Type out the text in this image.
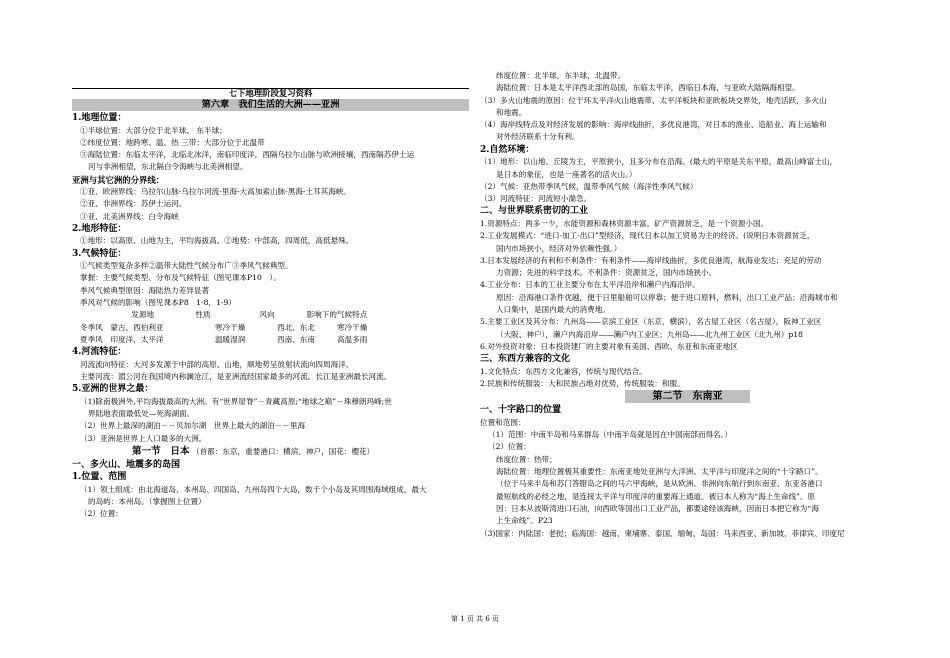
七下地理阶段复习资料
第六章　我们生活的大洲——亚洲
1.地理位置：

①半球位置：大部分位于北半球、 东半球；

②纬度位置：地跨寒、温、热 三带；大部分位于北温带

③海陆位置：东临太平洋，北临北冰洋，南临印度洋，西隔乌拉尔山脉与欧洲接壤，西南隔苏伊士运

河与非洲相望，东北隔白令海峡与北美洲相望。

亚洲与其它洲的分界线：

①亚、欧洲界线：乌拉尔山脉-乌拉尔河流-里海-大高加索山脉-黑海-土耳其海峡。

②亚、非洲界线：苏伊士运河。

③亚、北美洲界线：白令海峡

2.地形特征：

①地形：以高原、山地为主，平均海拔高。②地势：中部高，四周低，高低悬殊。

3.气候特征：

①气候类型复杂多样②温带大陆性气候分布广③季风气候典型。

掌握：主要气候类型、分布及气候特征（图见课本P10　）。

季风气候典型原因：海陆热力差异显著

季风对气候的影响（图见课本P8　1-8，1-9）

发源地	性质	风向	影响下的气候特点
冬季风　蒙古、西伯利亚	寒冷干燥	西北、东北	寒冷干燥
夏季风　印度洋、太平洋	温暖湿润	西南、东南	高温多雨
4.河流特征：

河流流向特征：大河多发源于中部的高原、山地，顺地势呈放射状流向四周海洋。

主要河流：湄公河在我国境内称澜沧江，是亚洲流经国家最多的河流。长江是亚洲最长河流。

5.亚洲的世界之最：

（1)除南极洲外,平均海拔最高的大洲。有“世界屋脊”－青藏高原;“地球之巅”－珠穆朗玛峰;世

界陆地表面最低处—死海湖面。

（2）世界上最深的湖泊－－贝加尔湖　世界上最大的湖泊－－里海

（3）亚洲是世界上人口最多的大洲。

第一节　日本 （首都：东京，重要港口：横滨、神户，国花：樱花）
一、多火山、地震多的岛国
1.位置、范围

（1）领土组成：由北海道岛、本州岛、四国岛、九州岛四个大岛，数千个小岛及其周围海域组成，最大

的岛屿：本州岛。（掌握图上位置）

（2）位置：

纬度位置：北半球，东半球，北温带。

海陆位置：日本是太平洋西北部的岛国，东临太平洋，西临日本海，与亚欧大陆隔海相望。

（3）多火山地震的原因：位于环太平洋火山地震带、太平洋板块和亚欧板块交界处，地壳活跃，多火山

和地震。

（4）海岸线特点及对经济发展的影响：海岸线曲折，多优良港湾，对日本的渔业、造船业、海上运输和

对外经济联系十分有利。

2.自然环境：

（1）地形：以山地、丘陵为主，平原狭小，且多分布在沿海。(最大的平原是关东平原，最高山峰富士山，

是日本的象征，也是一座著名的活火山。）

（2）气候：亚热带季风气候，温带季风气候（海洋性季风气候）

（3）河流特征：河流短小湍急。

二、与世界联系密切的工业

1.资源特点：两多一少，水能资源和森林资源丰富，矿产资源贫乏，是一个资源小国。

2.工业发展模式：“进口-加工-出口”型经济，现代日本以加工贸易为主的经济。(说明日本资源贫乏，

国内市场狭小，经济对外依赖性强。）

3.日本发展经济的有利和不利条件：有利条件——海岸线曲折，多优良港湾，航海业发达；充足的劳动

力资源；先进的科学技术。不利条件：资源贫乏，国内市场狭小。

4.工业分布：日本的工业主要分布在太平洋沿岸和濑户内海沿岸。

原因：沿海港口条件优越，便于日里船舶可以停靠；便于进口原料，燃料，出口工业产品；沿海城市和

人口集中，是国内最大的消费地。

5.主要工业区及其分布：九州岛——京滨工业区（东京，横滨），名古屋工业区（名古屋），阪神工业区

（大阪、神户），濑户内海沿岸——濑户内工业区；九州岛——北九州工业区（北九州）p18

6.对外投资对象：日本投资建厂的主要对象有美国、西欧、东亚和东南亚地区

三、东西方兼容的文化

1.文化特点：东西方文化兼容，传统与现代结合。

2.民族和传统服装：大和民族占绝对优势，传统服装：和服。

第二节　东南亚
一、十字路口的位置

位置和范围：

（1）范围：中南半岛和马来群岛（中南半岛就是因在中国南部而得名。）

（2）位置：

纬度位置：热带；

海陆位置：地理位置极其重要性：东南亚地处亚洲与大洋洲、太平洋与印度洋之间的“十字路口”。

（位于马来半岛和苏门答腊岛之间的马六甲海峡，是从欧洲、非洲向东航行到东南亚、东亚各港口

最短航线的必经之地，是连接太平洋与印度洋的重要海上通道。被日本人称为“海上生命线”。原

因：日本从波斯湾进口石油，向西欧等国出口工业产品，都要途经该海峡，因而日本把它称为“海

上生命线”。P23

（3)国家：内陆国：老挝；临海国：越南、柬埔寨、泰国、缅甸，岛国：马来西亚、新加坡、菲律宾、印度尼

第 1 页 共 6 页
